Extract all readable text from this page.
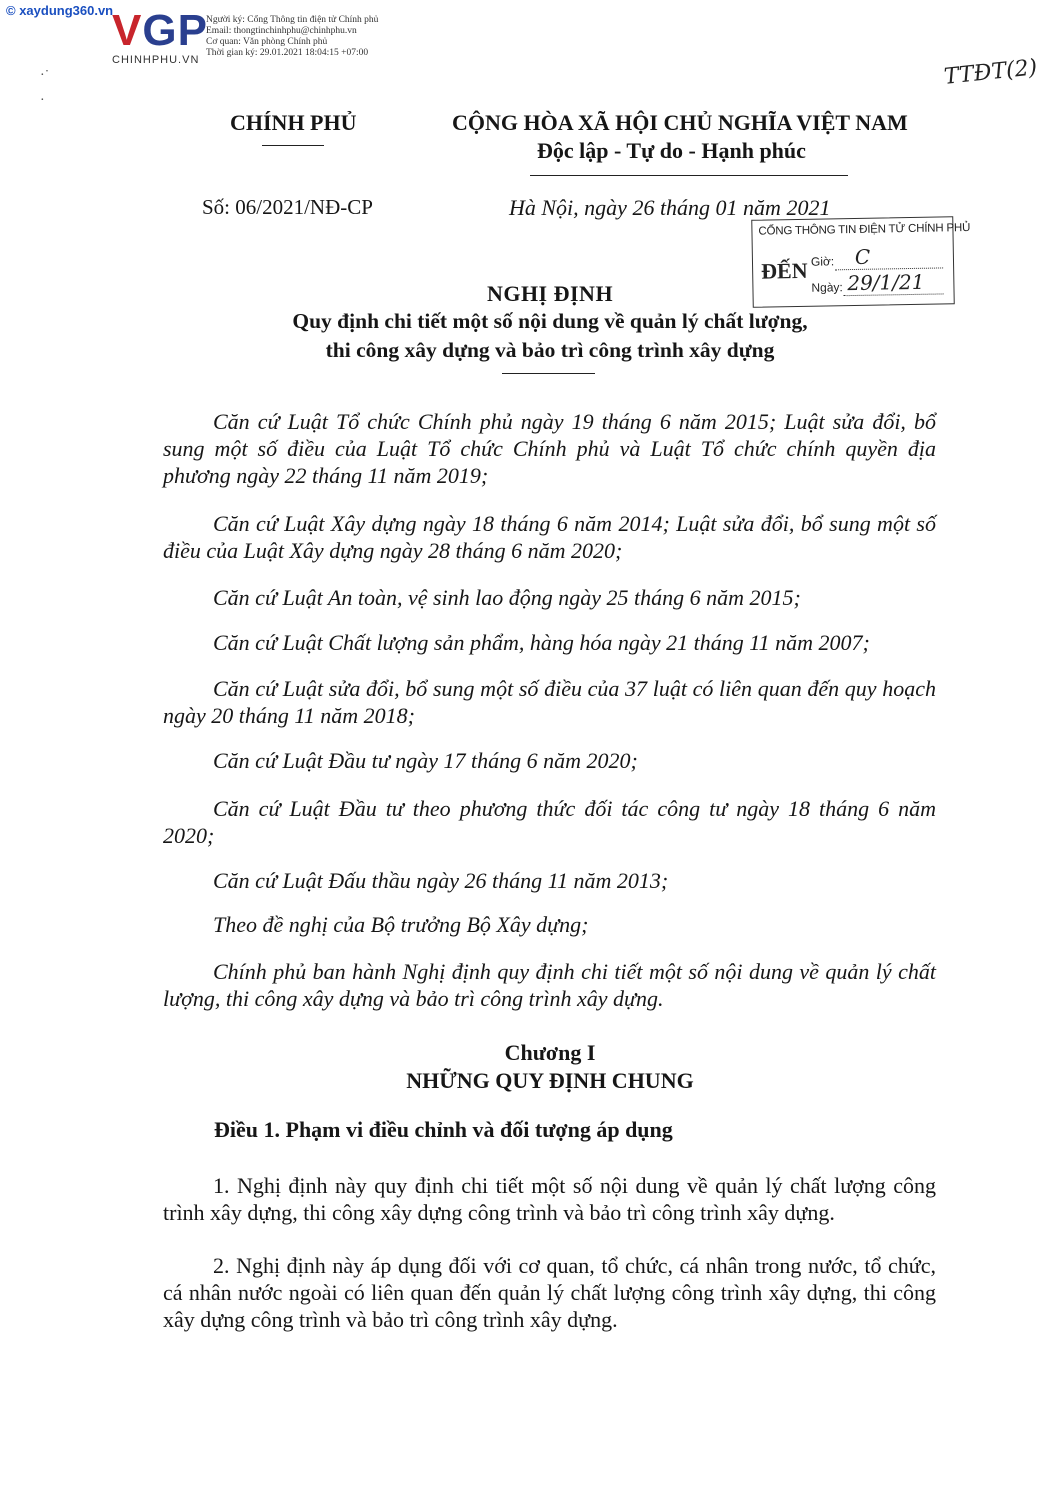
© xaydung360.vn
VGP
CHINHPHU.VN
Người ký: Cổng Thông tin điện tử Chính phủ
Email: thongtinchinhphu@chinhphu.vn
Cơ quan: Văn phòng Chính phủ
Thời gian ký: 29.01.2021 18:04:15 +07:00
TTĐT(2)
·˙
·
CHÍNH PHỦ	CỘNG HÒA XÃ HỘI CHỦ NGHĨA VIỆT NAM
Độc lập - Tự do - Hạnh phúc
Số: 06/2021/NĐ-CP	Hà Nội, ngày 26 tháng 01 năm 2021
CỔNG THÔNG TIN ĐIỆN TỬ CHÍNH PHỦ
ĐẾN Giờ: C
Ngày: 29/1/21
NGHỊ ĐỊNH
Quy định chi tiết một số nội dung về quản lý chất lượng,
thi công xây dựng và bảo trì công trình xây dựng
Căn cứ Luật Tổ chức Chính phủ ngày 19 tháng 6 năm 2015; Luật sửa đổi, bổ sung một số điều của Luật Tổ chức Chính phủ và Luật Tổ chức chính quyền địa phương ngày 22 tháng 11 năm 2019;
Căn cứ Luật Xây dựng ngày 18 tháng 6 năm 2014; Luật sửa đổi, bổ sung một số điều của Luật Xây dựng ngày 28 tháng 6 năm 2020;
Căn cứ Luật An toàn, vệ sinh lao động ngày 25 tháng 6 năm 2015;
Căn cứ Luật Chất lượng sản phẩm, hàng hóa ngày 21 tháng 11 năm 2007;
Căn cứ Luật sửa đổi, bổ sung một số điều của 37 luật có liên quan đến quy hoạch ngày 20 tháng 11 năm 2018;
Căn cứ Luật Đầu tư ngày 17 tháng 6 năm 2020;
Căn cứ Luật Đầu tư theo phương thức đối tác công tư ngày 18 tháng 6 năm 2020;
Căn cứ Luật Đấu thầu ngày 26 tháng 11 năm 2013;
Theo đề nghị của Bộ trưởng Bộ Xây dựng;
Chính phủ ban hành Nghị định quy định chi tiết một số nội dung về quản lý chất lượng, thi công xây dựng và bảo trì công trình xây dựng.
Chương I
NHỮNG QUY ĐỊNH CHUNG
Điều 1. Phạm vi điều chỉnh và đối tượng áp dụng
1. Nghị định này quy định chi tiết một số nội dung về quản lý chất lượng công trình xây dựng, thi công xây dựng công trình và bảo trì công trình xây dựng.
2. Nghị định này áp dụng đối với cơ quan, tổ chức, cá nhân trong nước, tổ chức, cá nhân nước ngoài có liên quan đến quản lý chất lượng công trình xây dựng, thi công xây dựng công trình và bảo trì công trình xây dựng.
